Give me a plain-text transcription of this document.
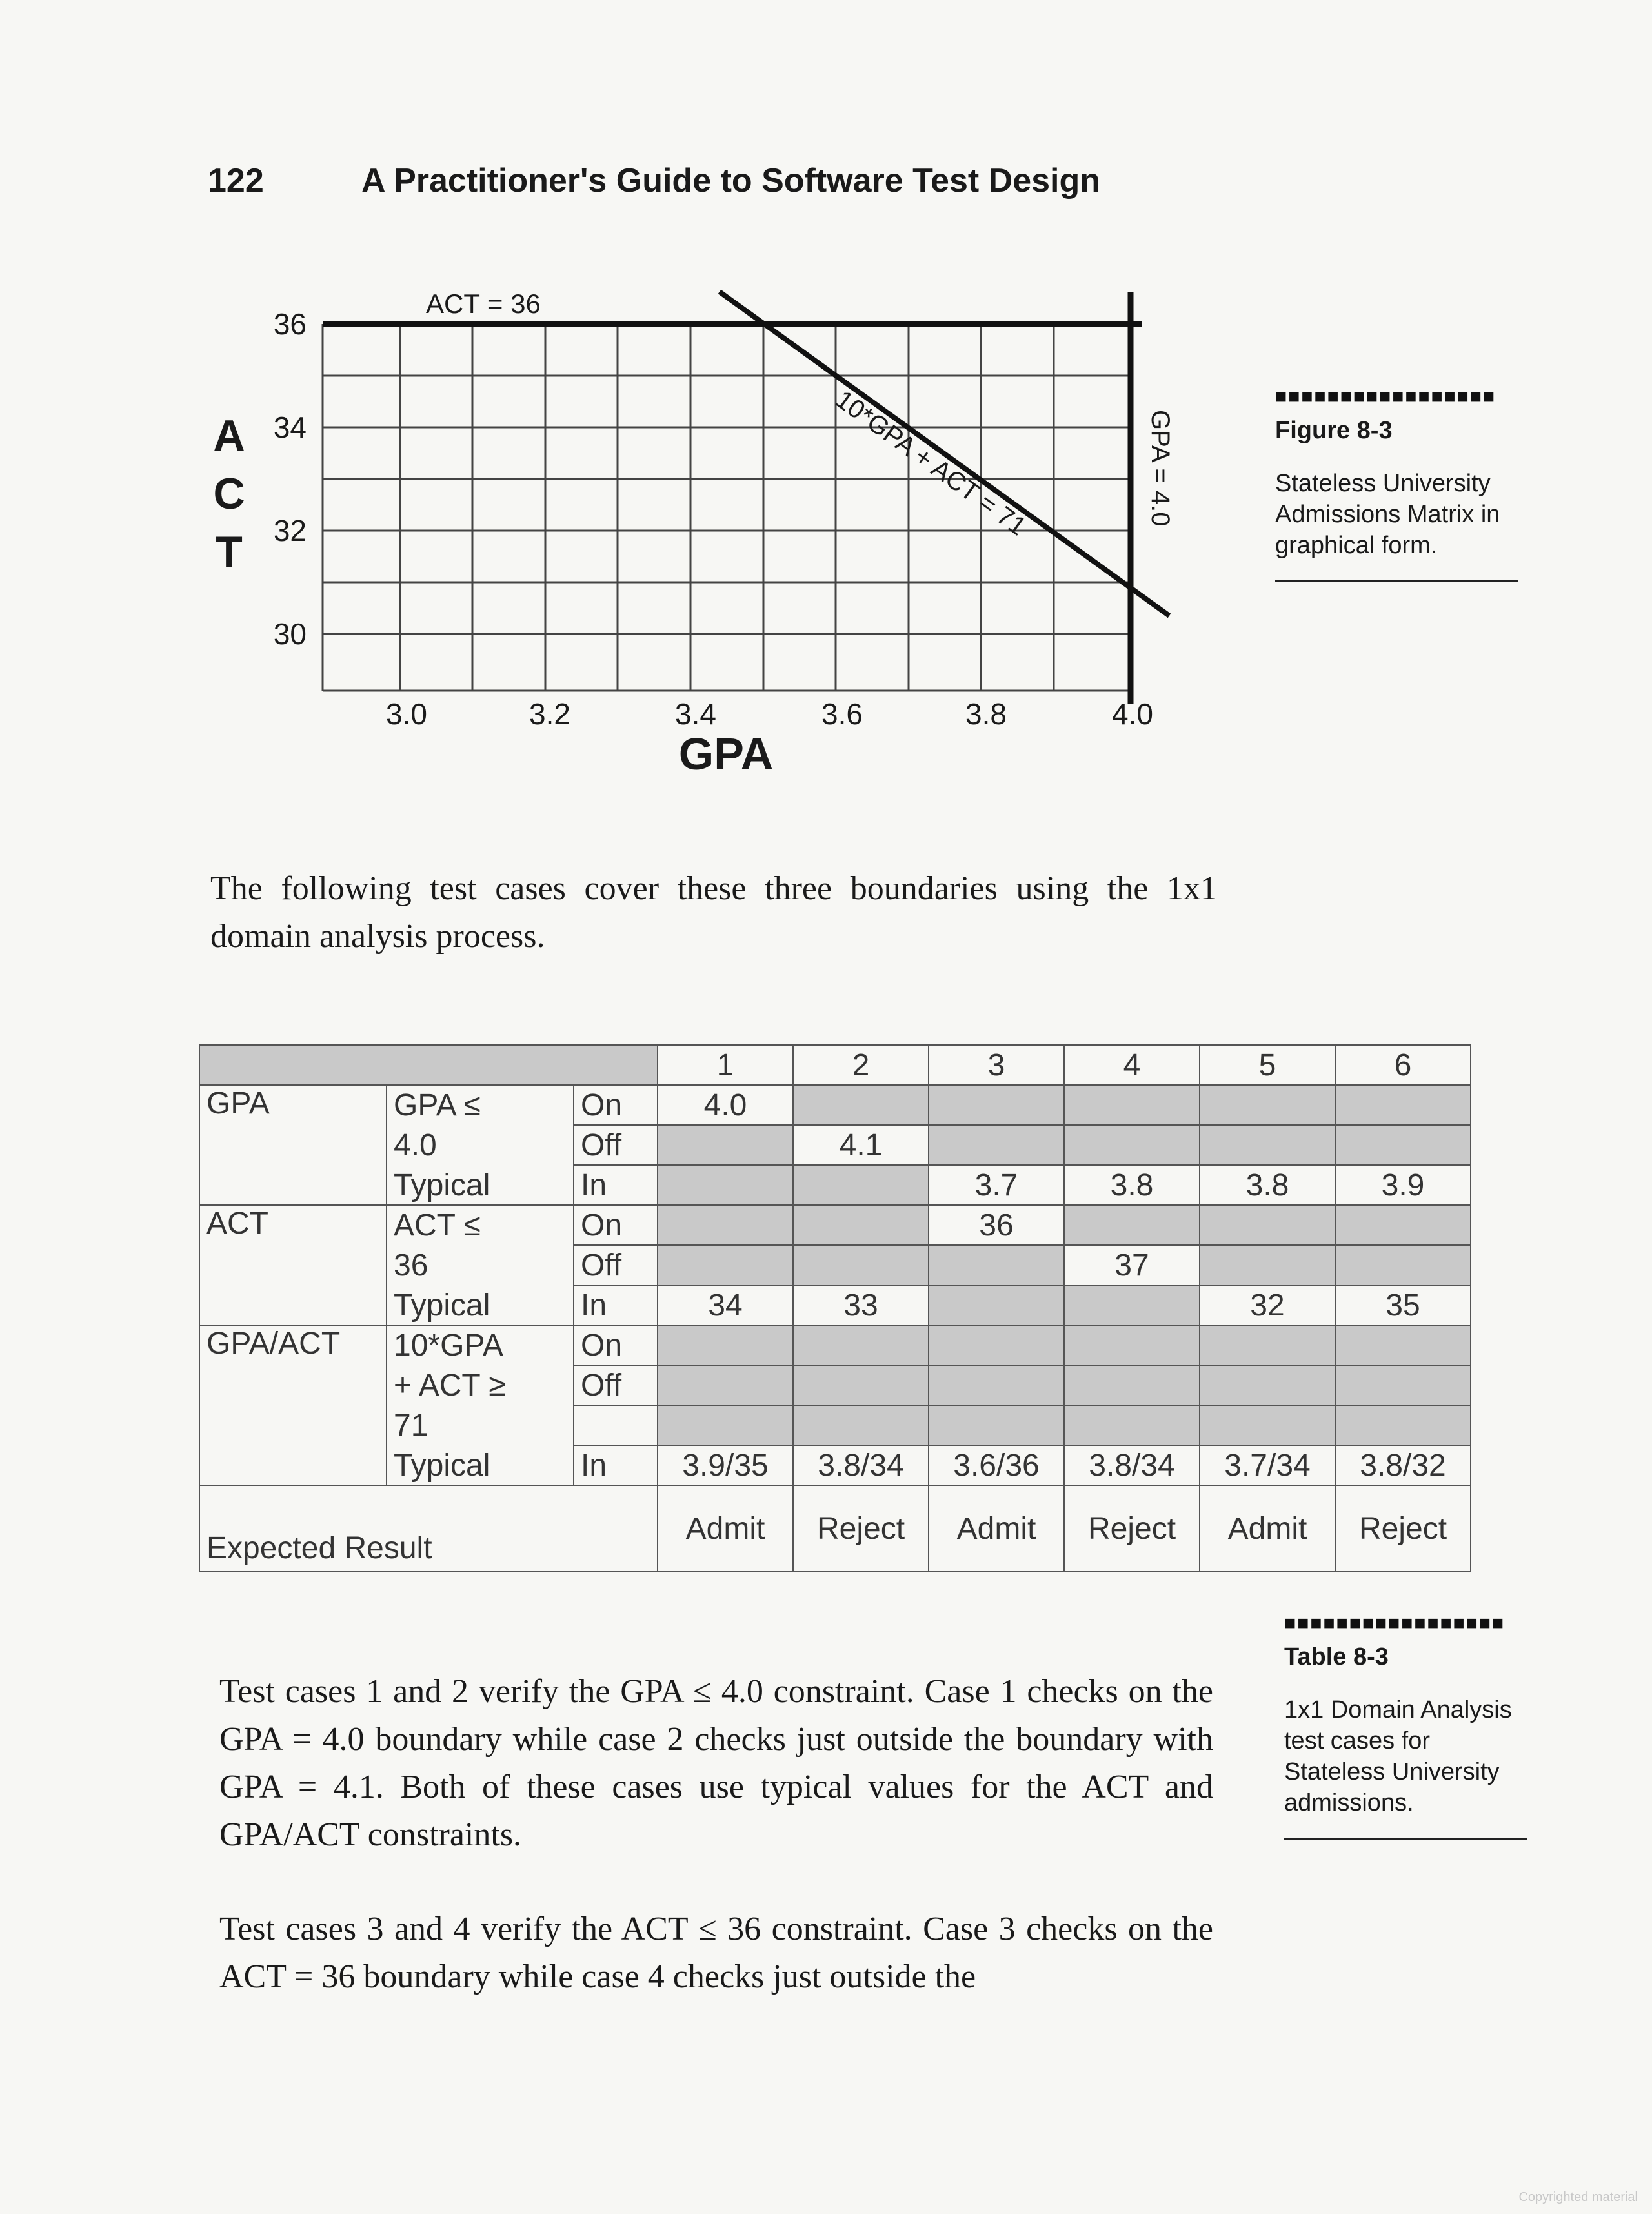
122	A Practitioner's Guide to Software Test Design
ACT = 36
GPA = 4.0
10*GPA + ACT = 71
36
34
32
30
3.0	3.2	3.4	3.6	3.8	4.0
A
C
T
GPA
■■■■■■■■■■■■■■■■■
Figure 8-3
Stateless University
Admissions Matrix in
graphical form.
The following test cases cover these three boundaries using the 1x1 domain analysis process.
			1	2	3	4	5	6
GPA	GPA ≤	On	4.0					
	4.0	Off		4.1				
	Typical	In			3.7	3.8	3.8	3.9
ACT	ACT ≤	On			36			
	36	Off				37		
	Typical	In	34	33			32	35
GPA/ACT	10*GPA	On						
	+ ACT ≥	Off						
	71							
	Typical	In	3.9/35	3.8/34	3.6/36	3.8/34	3.7/34	3.8/32
Expected Result			Admit	Reject	Admit	Reject	Admit	Reject
■■■■■■■■■■■■■■■■■
Table 8-3
1x1 Domain Analysis
test cases for
Stateless University
admissions.
Test cases 1 and 2 verify the GPA ≤ 4.0 constraint. Case 1 checks on the GPA = 4.0 boundary while case 2 checks just outside the boundary with GPA = 4.1. Both of these cases use typical values for the ACT and GPA/ACT constraints.
Test cases 3 and 4 verify the ACT ≤ 36 constraint. Case 3 checks on the ACT = 36 boundary while case 4 checks just outside the
Copyrighted material
